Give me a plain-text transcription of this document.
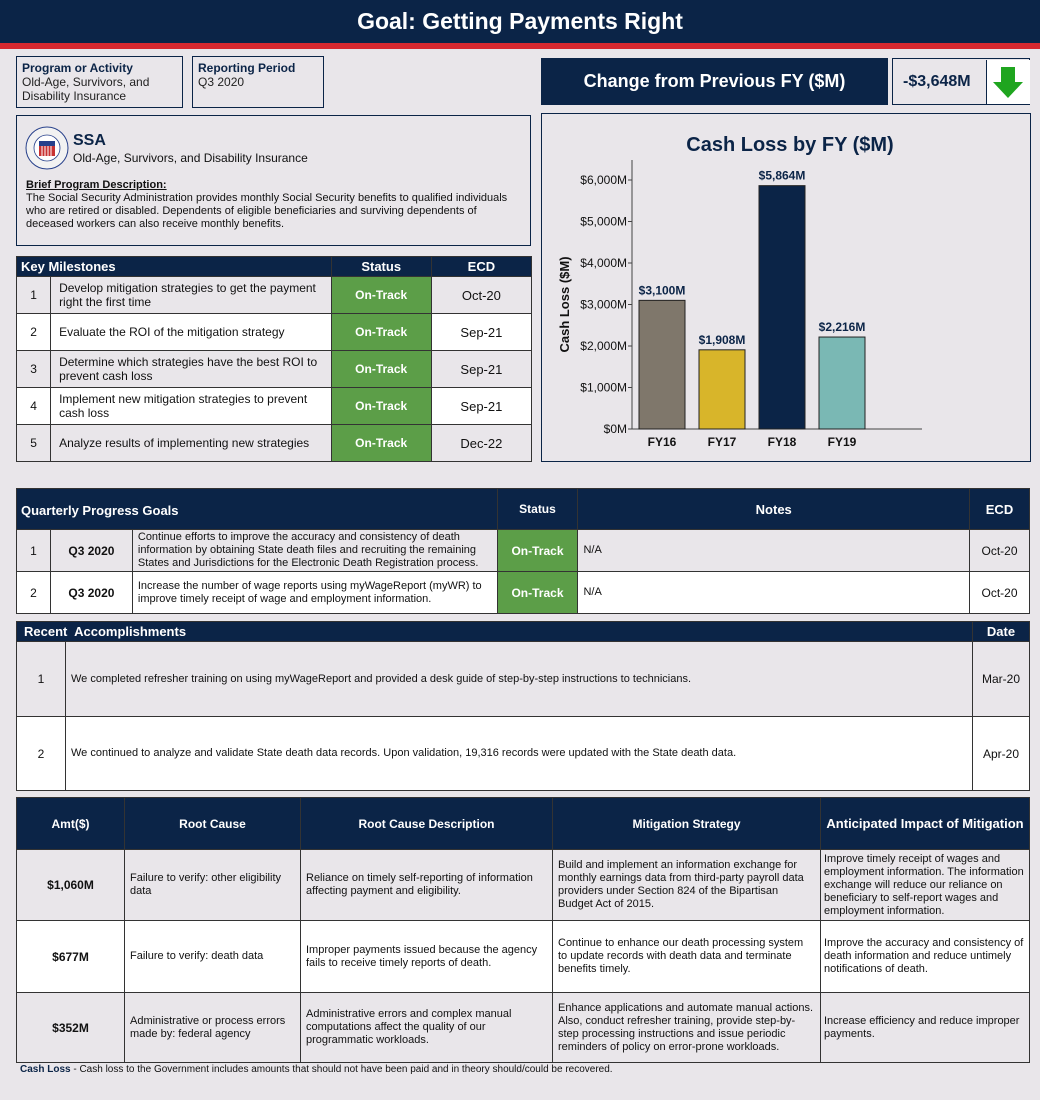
Goal: Getting Payments Right
Program or Activity
Old-Age, Survivors, and Disability Insurance
Reporting Period
Q3 2020	Change from Previous FY ($M)	-$3,648M
SSA
Old-Age, Survivors, and Disability Insurance
Brief Program Description:
The Social Security Administration provides monthly Social Security benefits to qualified individuals who are retired or disabled. Dependents of eligible beneficiaries and surviving dependents of deceased workers can also receive monthly benefits.
Key Milestones		Status	ECD
1	Develop mitigation strategies to get the payment right the first time	On-Track	Oct-20
2	Evaluate the ROI of the mitigation strategy	On-Track	Sep-21
3	Determine which strategies have the best ROI to prevent cash loss	On-Track	Sep-21
4	Implement new mitigation strategies to prevent cash loss	On-Track	Sep-21
5	Analyze results of implementing new strategies	On-Track	Dec-22
Cash Loss by FY ($M)
Cash Loss ($M)
$0M
$1,000M
$2,000M
$3,000M
$4,000M
$5,000M
$6,000M
$3,100M
FY16
$1,908M
FY17
$5,864M
FY18
$2,216M
FY19
Quarterly Progress Goals			Status	Notes	ECD
1	Q3 2020	Continue efforts to improve the accuracy and consistency of death information by obtaining State death files and recruiting the remaining States and Jurisdictions for the Electronic Death Registration process.	On-Track	N/A	Oct-20
2	Q3 2020	Increase the number of wage reports using myWageReport (myWR) to improve timely receipt of wage and employment information.	On-Track	N/A	Oct-20
Recent  Accomplishments		Date
1	We completed refresher training on using myWageReport and provided a desk guide of step-by-step instructions to technicians.	Mar-20
2	We continued to analyze and validate State death data records. Upon validation, 19,316 records were updated with the State death data.	Apr-20
Amt($)	Root Cause	Root Cause Description	Mitigation Strategy	Anticipated Impact of Mitigation
$1,060M	Failure to verify: other eligibility data	Reliance on timely self-reporting of information affecting payment and eligibility.	Build and implement an information exchange for monthly earnings data from third-party payroll data providers under Section 824 of the Bipartisan Budget Act of 2015.	Improve timely receipt of wages and employment information. The information exchange will reduce our reliance on beneficiary to self-report wages and employment information.
$677M	Failure to verify: death data	Improper payments issued because the agency fails to receive timely reports of death.	Continue to enhance our death processing system to update records with death data and terminate benefits timely.	Improve the accuracy and consistency of death information and reduce untimely notifications of death.
$352M	Administrative or process errors made by: federal agency	Administrative errors and complex manual computations affect the quality of our programmatic workloads.	Enhance applications and automate manual actions. Also, conduct refresher training, provide step-by-step processing instructions and issue periodic reminders of policy on error-prone workloads.	Increase efficiency and reduce improper payments.
Cash Loss - Cash loss to the Government includes amounts that should not have been paid and in theory should/could be recovered.
